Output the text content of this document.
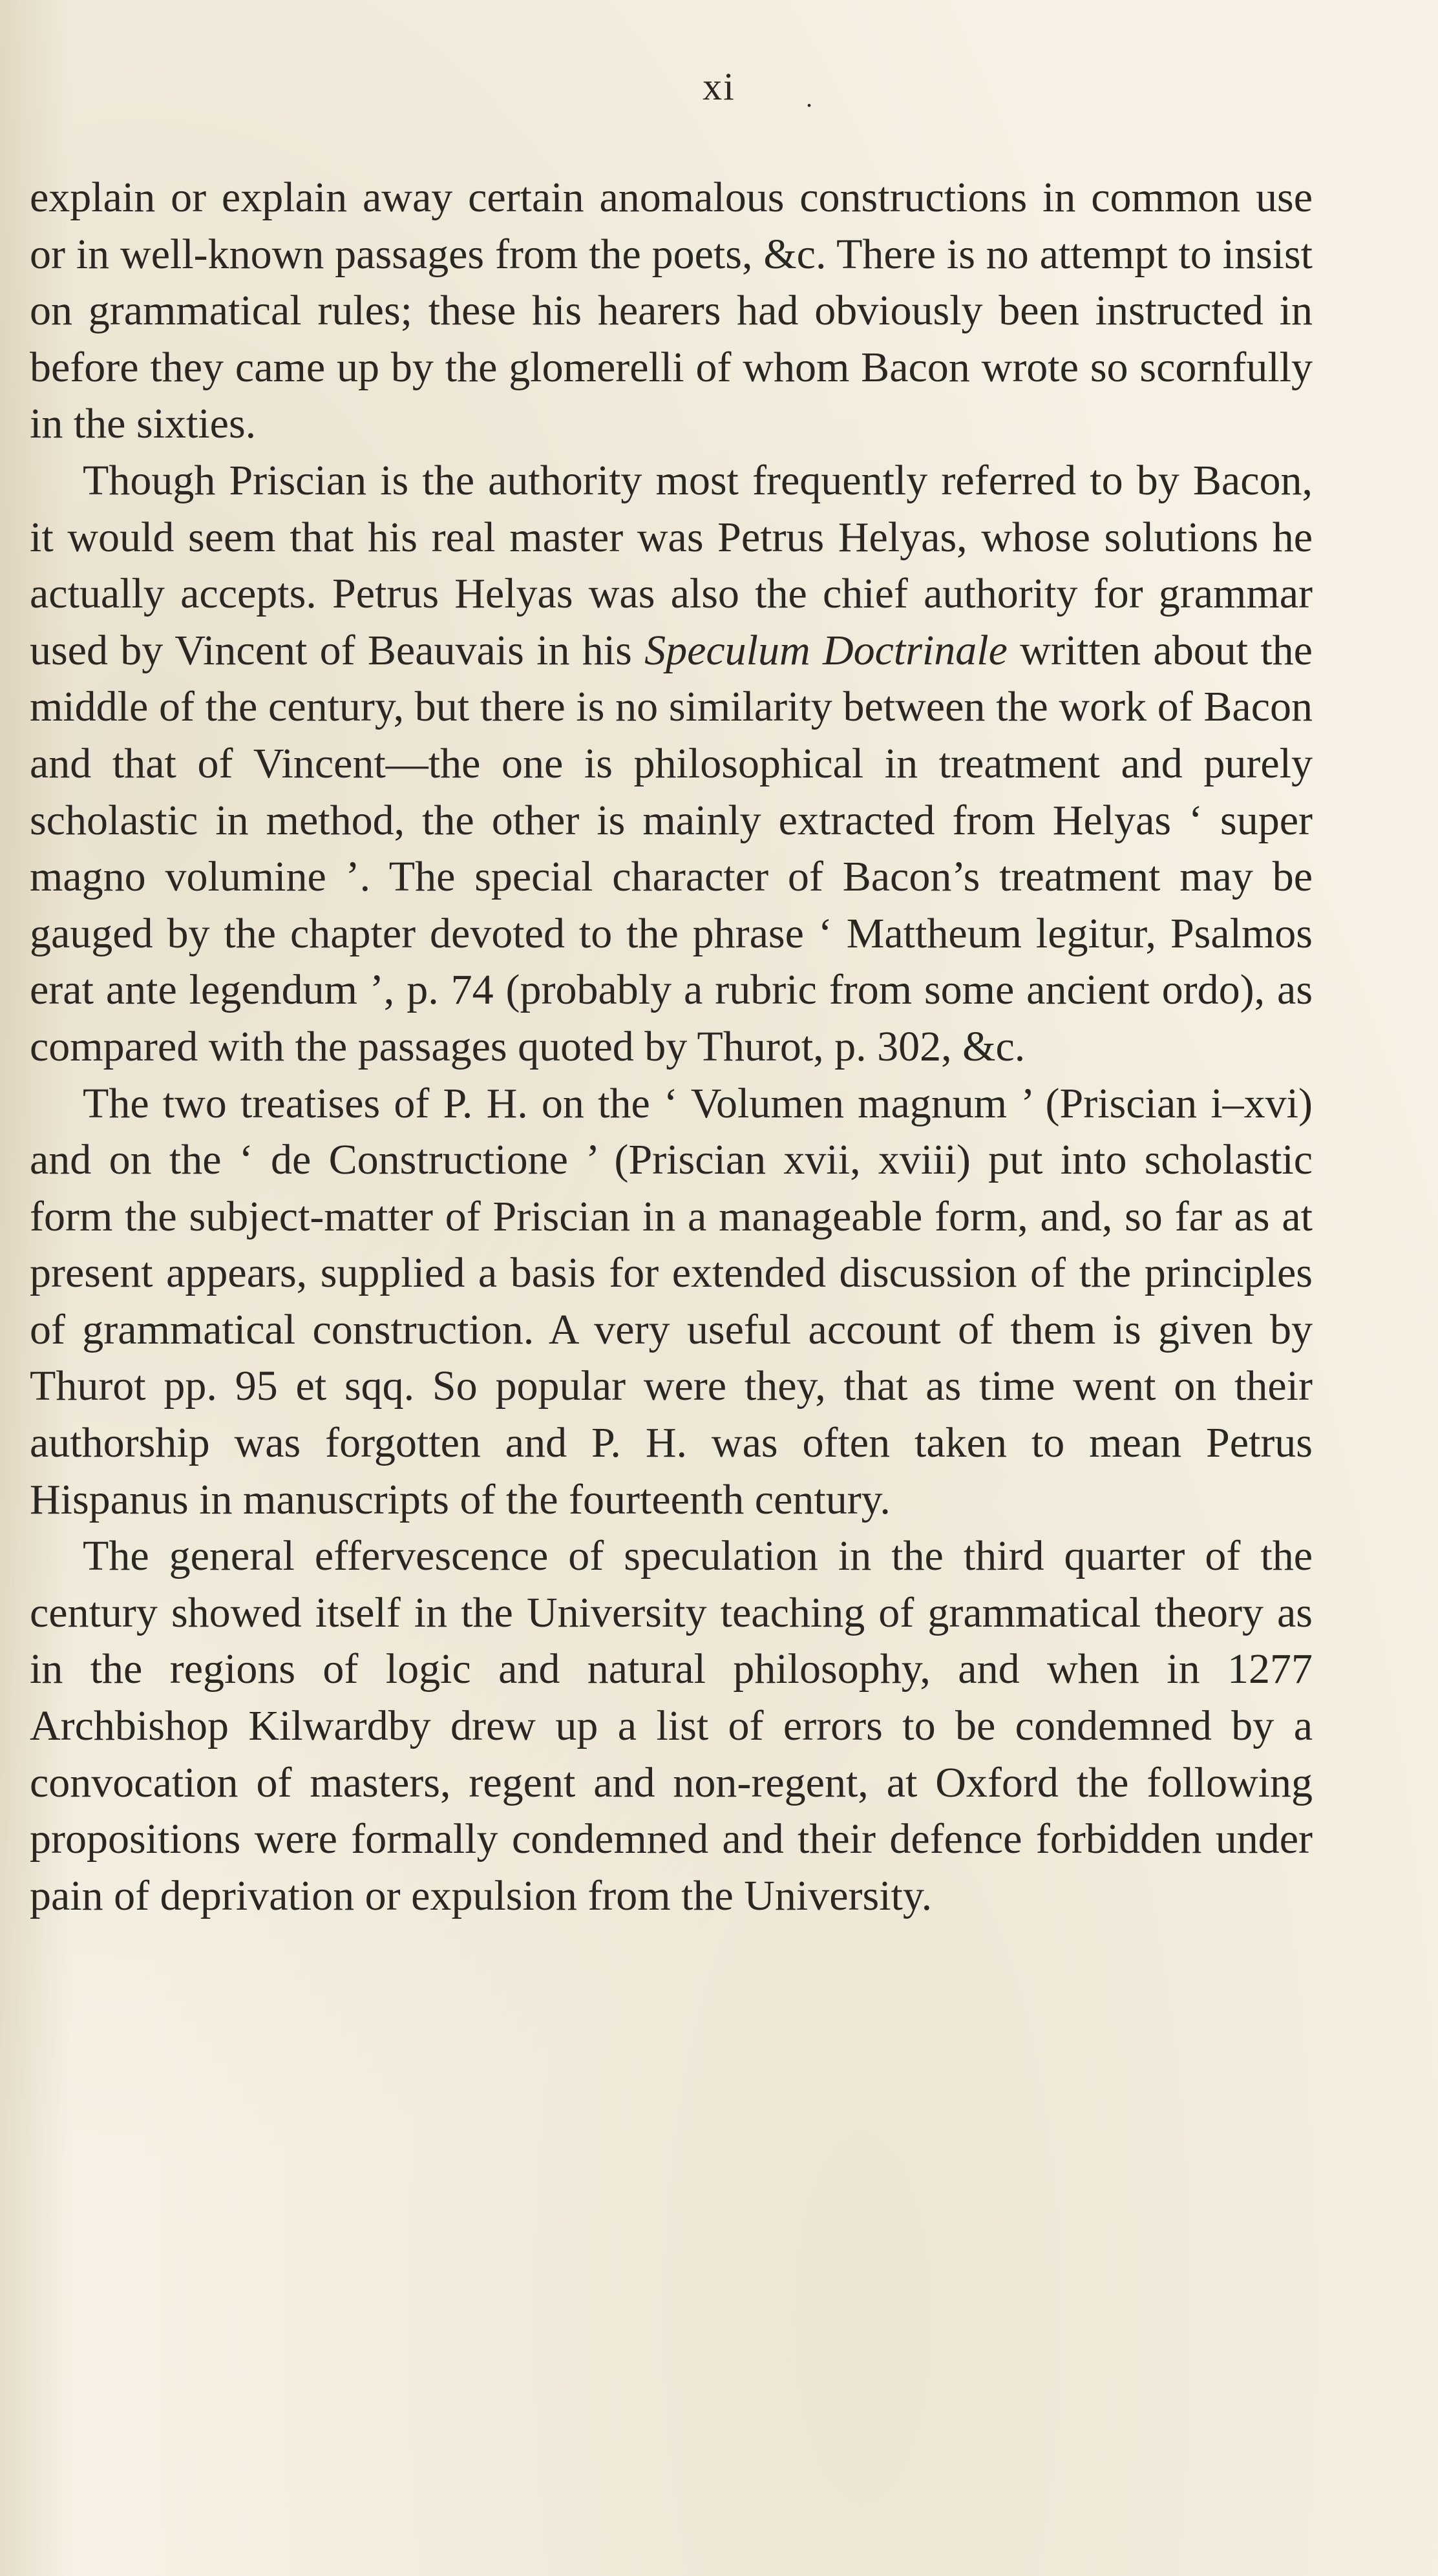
xi	.

explain or explain away certain anomalous constructions in common use or in well-known passages from the poets, &c. There is no attempt to insist on grammatical rules; these his hearers had obviously been instructed in before they came up by the glomerelli of whom Bacon wrote so scornfully in the sixties.

Though Priscian is the authority most frequently referred to by Bacon, it would seem that his real master was Petrus Helyas, whose solutions he actually accepts. Petrus Helyas was also the chief authority for grammar used by Vincent of Beauvais in his Speculum Doctrinale written about the middle of the century, but there is no similarity between the work of Bacon and that of Vincent—the one is philosophical in treatment and purely scholastic in method, the other is mainly extracted from Helyas ‘ super magno volumine ’. The special character of Bacon’s treatment may be gauged by the chapter devoted to the phrase ‘ Mattheum legitur, Psalmos erat ante legendum ’, p. 74 (probably a rubric from some ancient ordo), as compared with the passages quoted by Thurot, p. 302, &c.

The two treatises of P. H. on the ‘ Volumen magnum ’ (Priscian i–xvi) and on the ‘ de Constructione ’ (Priscian xvii, xviii) put into scholastic form the subject-matter of Priscian in a manageable form, and, so far as at present appears, supplied a basis for extended discussion of the principles of grammatical construction. A very useful account of them is given by Thurot pp. 95 et sqq. So popular were they, that as time went on their authorship was forgotten and P. H. was often taken to mean Petrus Hispanus in manuscripts of the fourteenth century.

The general effervescence of speculation in the third quarter of the century showed itself in the University teaching of grammatical theory as in the regions of logic and natural philosophy, and when in 1277 Archbishop Kilwardby drew up a list of errors to be condemned by a convocation of masters, regent and non-regent, at Oxford the following propositions were formally condemned and their defence forbidden under pain of deprivation or expulsion from the University.
